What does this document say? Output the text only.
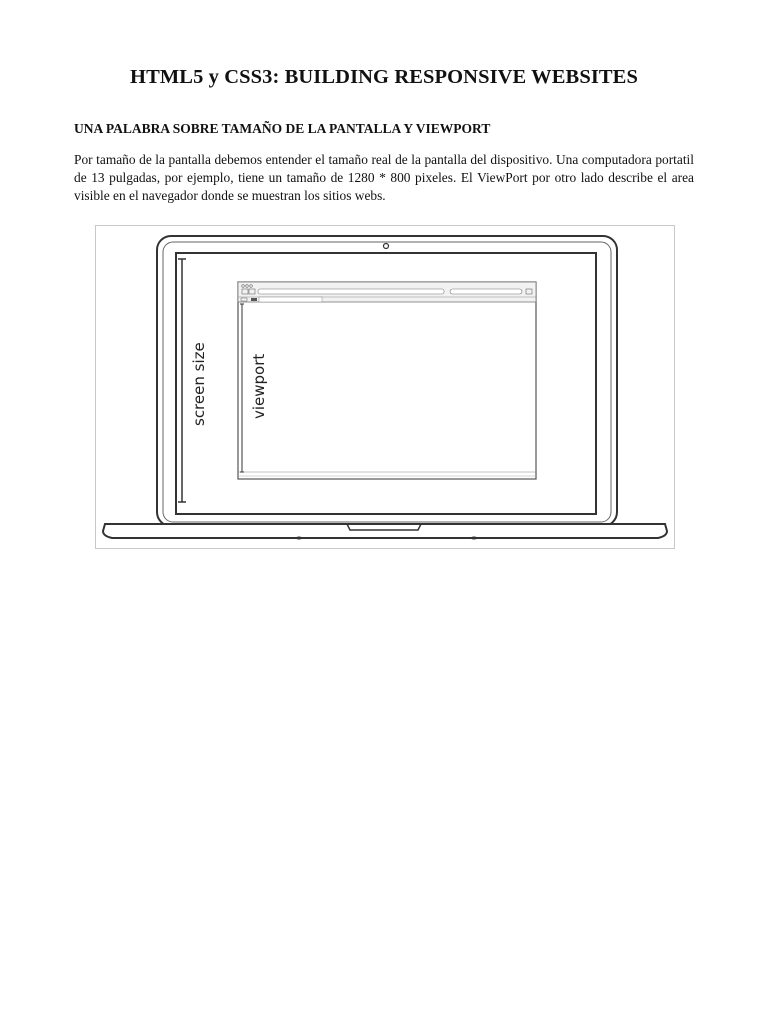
HTML5 y CSS3: BUILDING RESPONSIVE WEBSITES
UNA PALABRA SOBRE TAMAÑO DE LA PANTALLA Y VIEWPORT

Por tamaño de la pantalla debemos entender el tamaño real de la pantalla del dispositivo. Una computadora portatil de 13 pulgadas, por ejemplo, tiene un tamaño de 1280 * 800 pixeles. El ViewPort por otro lado describe el area visible en el navegador donde se muestran los sitios webs.

screen size	viewport
